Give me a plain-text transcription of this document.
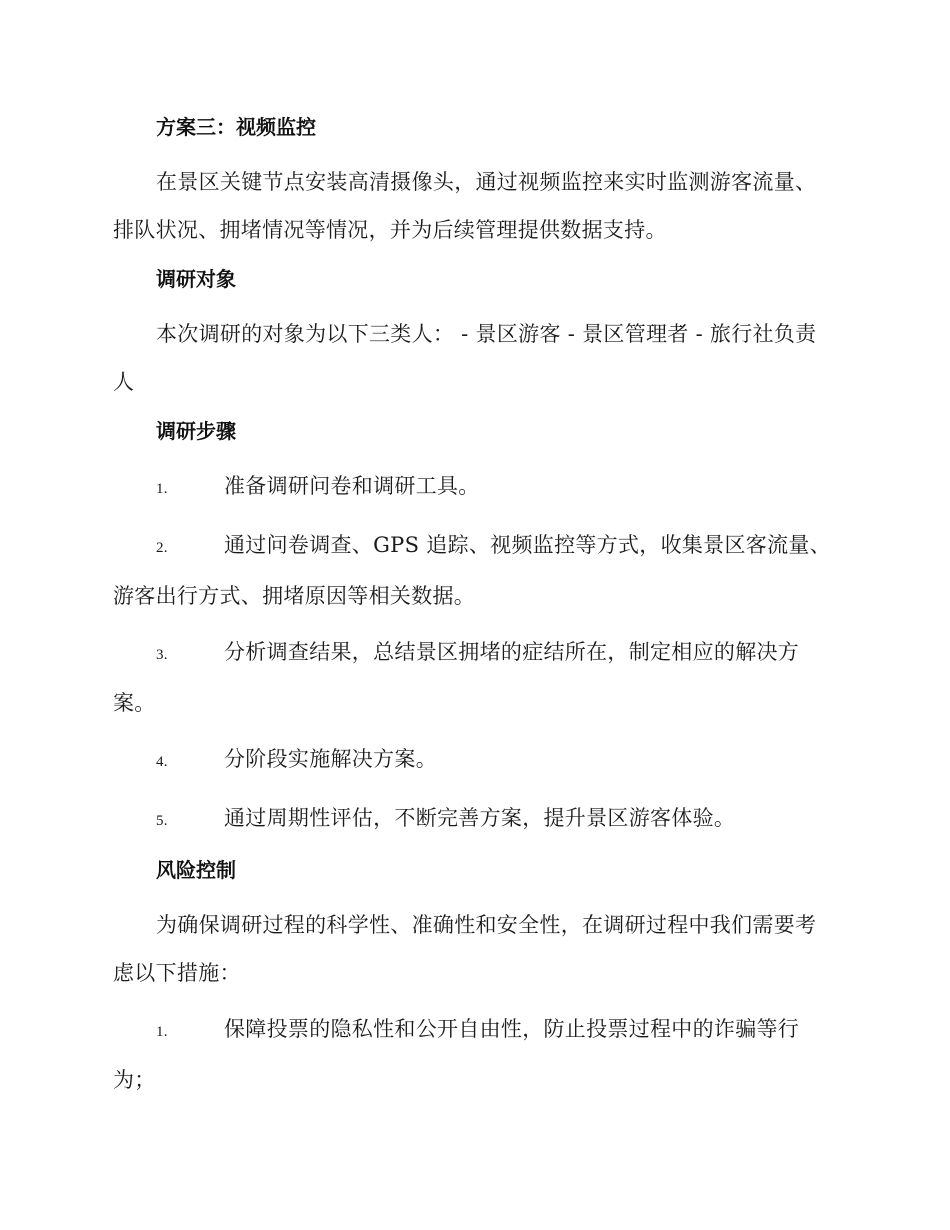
方案三：视频监控

在景区关键节点安装高清摄像头，通过视频监控来实时监测游客流量、排队状况、拥堵情况等情况，并为后续管理提供数据支持。

调研对象

本次调研的对象为以下三类人： - 景区游客 - 景区管理者 - 旅行社负责人

调研步骤

1.	准备调研问卷和调研工具。

2.	通过问卷调查、GPS 追踪、视频监控等方式，收集景区客流量、游客出行方式、拥堵原因等相关数据。

3.	分析调查结果，总结景区拥堵的症结所在，制定相应的解决方案。

4.	分阶段实施解决方案。

5.	通过周期性评估，不断完善方案，提升景区游客体验。

风险控制

为确保调研过程的科学性、准确性和安全性，在调研过程中我们需要考虑以下措施：

1.	保障投票的隐私性和公开自由性，防止投票过程中的诈骗等行为；
